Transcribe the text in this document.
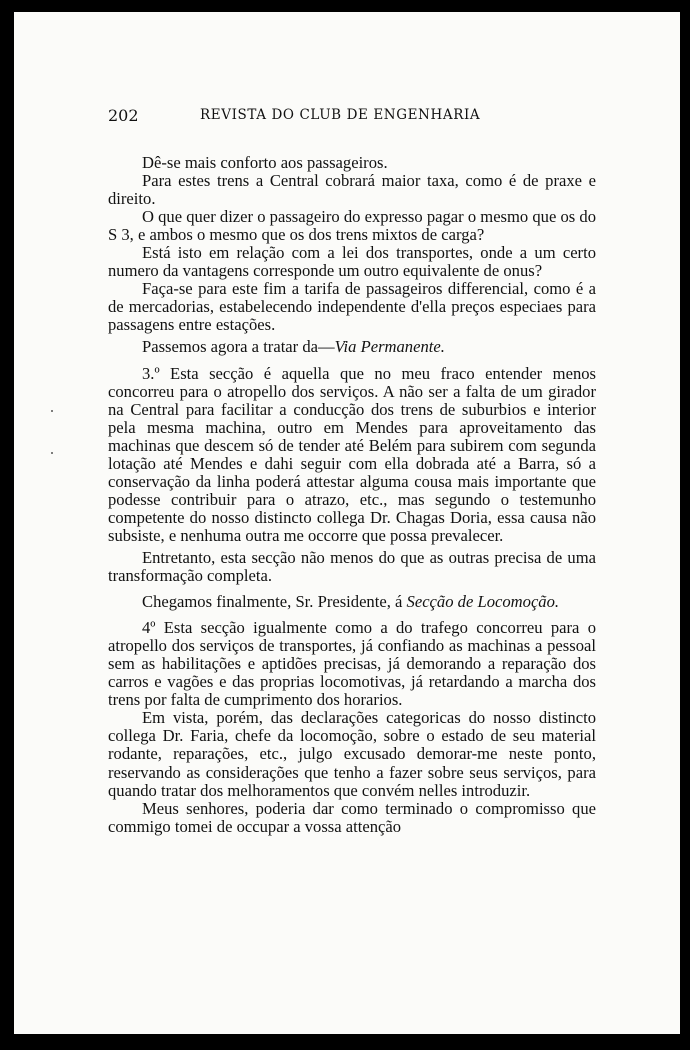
202	REVISTA DO CLUB DE ENGENHARIA

Dê-se mais conforto aos passageiros.

Para estes trens a Central cobrará maior taxa, como é de praxe e direito.

O que quer dizer o passageiro do expresso pagar o mesmo que os do S 3, e ambos o mesmo que os dos trens mixtos de carga?

Está isto em relação com a lei dos transportes, onde a um certo numero da vantagens corresponde um outro equivalente de onus?

Faça-se para este fim a tarifa de passageiros differencial, como é a de mercadorias, estabelecendo independente d'ella preços especiaes para passagens entre estações.

Passemos agora a tratar da—Via Permanente.

3.º Esta secção é aquella que no meu fraco entender menos concorreu para o atropello dos serviços. A não ser a falta de um girador na Central para facilitar a conducção dos trens de suburbios e interior pela mesma machina, outro em Mendes para aproveitamento das machinas que descem só de tender até Belém para subirem com segunda lotação até Mendes e dahi seguir com ella dobrada até a Barra, só a conservação da linha poderá attestar alguma cousa mais importante que podesse contribuir para o atrazo, etc., mas segundo o testemunho competente do nosso distincto collega Dr. Chagas Doria, essa causa não subsiste, e nenhuma outra me occorre que possa prevalecer.

Entretanto, esta secção não menos do que as outras precisa de uma transformação completa.

Chegamos finalmente, Sr. Presidente, á Secção de Locomoção.

4º Esta secção igualmente como a do trafego concorreu para o atropello dos serviços de transportes, já confiando as machinas a pessoal sem as habilitações e aptidões precisas, já demorando a reparação dos carros e vagões e das proprias locomotivas, já retardando a marcha dos trens por falta de cumprimento dos horarios.

Em vista, porém, das declarações categoricas do nosso distincto collega Dr. Faria, chefe da locomoção, sobre o estado de seu material rodante, reparações, etc., julgo excusado demorar-me neste ponto, reservando as considerações que tenho a fazer sobre seus serviços, para quando tratar dos melhoramentos que convém nelles introduzir.

Meus senhores, poderia dar como terminado o compromisso que commigo tomei de occupar a vossa attenção
